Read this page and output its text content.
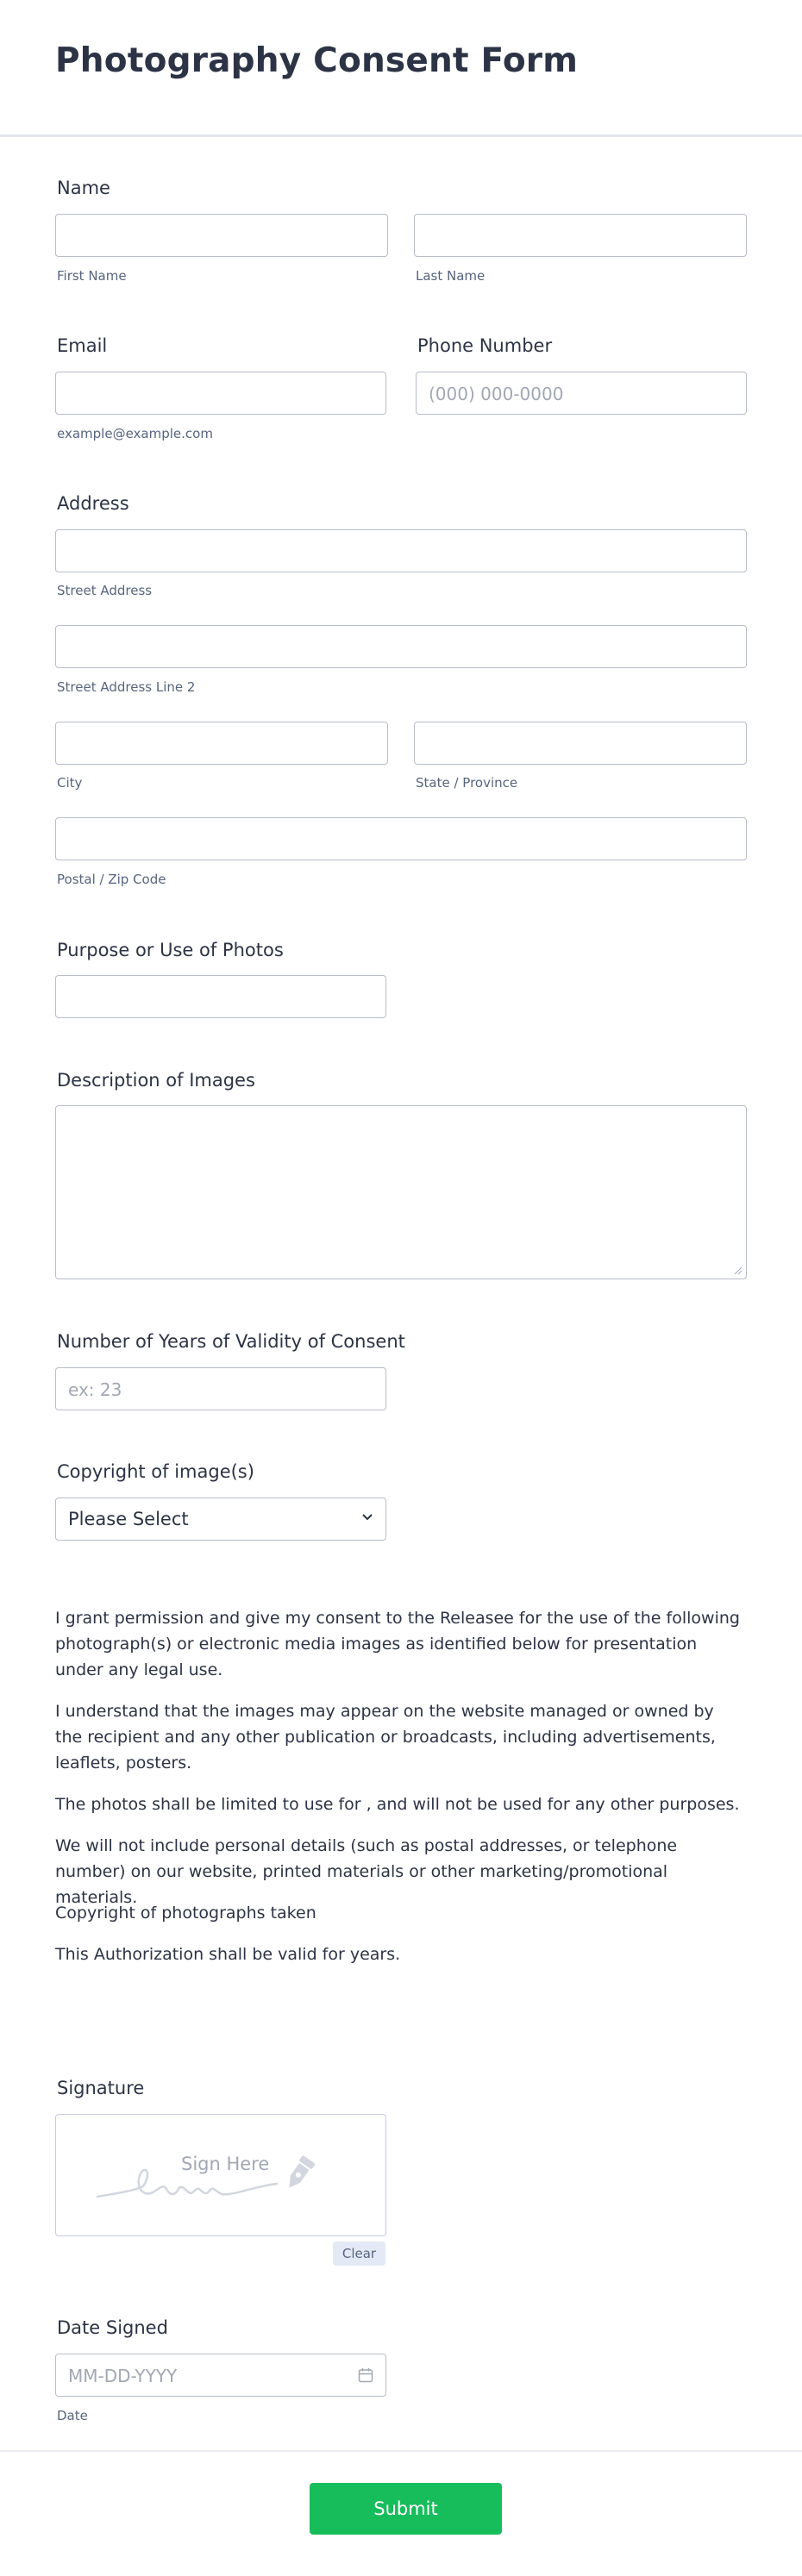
Photography Consent Form
Name
First Name	Last Name
Email
example@example.com
Phone Number
(000) 000-0000
Address
Street Address
Street Address Line 2
City	State / Province
Postal / Zip Code
Purpose or Use of Photos
Description of Images
Number of Years of Validity of Consent
ex: 23
Copyright of image(s)
Please Select

I grant permission and give my consent to the Releasee for the use of the following photograph(s) or electronic media images as identified below for presentation under any legal use.

I understand that the images may appear on the website managed or owned by the recipient and any other publication or broadcasts, including advertisements, leaflets, posters.

The photos shall be limited to use for , and will not be used for any other purposes.

We will not include personal details (such as postal addresses, or telephone number) on our website, printed materials or other marketing/promotional materials.

Copyright of photographs taken

This Authorization shall be valid for years.

Signature
Sign Here
Clear
Date Signed
MM-DD-YYYY
Date
Submit
